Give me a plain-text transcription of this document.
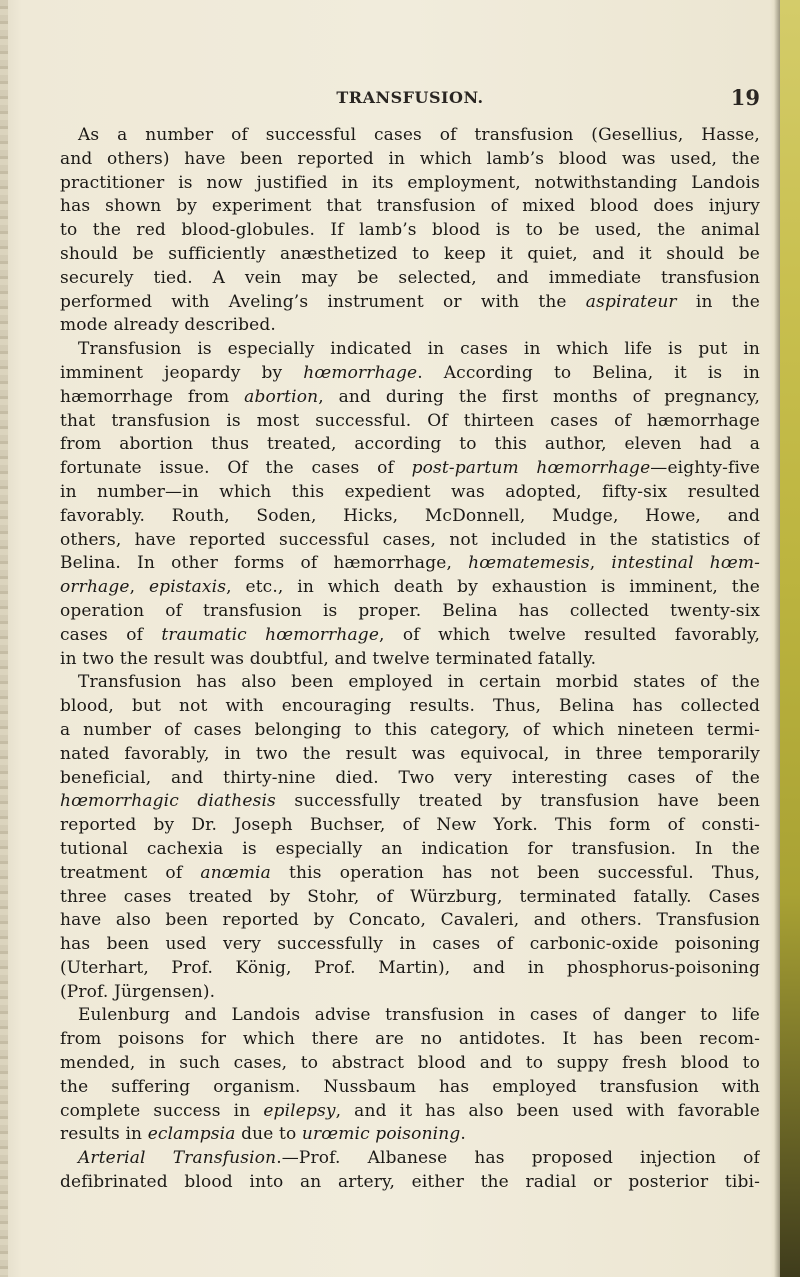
TRANSFUSION.	19
As a number of successful cases of transfusion (Gesellius, Hasse,
and others) have been reported in which lamb’s blood was used, the
practitioner is now justified in its employment, notwithstanding Landois
has shown by experiment that transfusion of mixed blood does injury
to the red blood-globules. If lamb’s blood is to be used, the animal
should be sufficiently anæsthetized to keep it quiet, and it should be
securely tied. A vein may be selected, and immediate transfusion
performed with Aveling’s instrument or with the aspirateur in the
mode already described.
Transfusion is especially indicated in cases in which life is put in
imminent jeopardy by hœmorrhage. According to Belina, it is in
hæmorrhage from abortion, and during the first months of pregnancy,
that transfusion is most successful. Of thirteen cases of hæmorrhage
from abortion thus treated, according to this author, eleven had a
fortunate issue. Of the cases of post-partum hœmorrhage—eighty-five
in number—in which this expedient was adopted, fifty-six resulted
favorably. Routh, Soden, Hicks, McDonnell, Mudge, Howe, and
others, have reported successful cases, not included in the statistics of
Belina. In other forms of hæmorrhage, hœmatemesis, intestinal hœm-
orrhage, epistaxis, etc., in which death by exhaustion is imminent, the
operation of transfusion is proper. Belina has collected twenty-six
cases of traumatic hœmorrhage, of which twelve resulted favorably,
in two the result was doubtful, and twelve terminated fatally.
Transfusion has also been employed in certain morbid states of the
blood, but not with encouraging results. Thus, Belina has collected
a number of cases belonging to this category, of which nineteen termi-
nated favorably, in two the result was equivocal, in three temporarily
beneficial, and thirty-nine died. Two very interesting cases of the
hœmorrhagic diathesis successfully treated by transfusion have been
reported by Dr. Joseph Buchser, of New York. This form of consti-
tutional cachexia is especially an indication for transfusion. In the
treatment of anœmia this operation has not been successful. Thus,
three cases treated by Stohr, of Würzburg, terminated fatally. Cases
have also been reported by Concato, Cavaleri, and others. Transfusion
has been used very successfully in cases of carbonic-oxide poisoning
(Uterhart, Prof. König, Prof. Martin), and in phosphorus-poisoning
(Prof. Jürgensen).
Eulenburg and Landois advise transfusion in cases of danger to life
from poisons for which there are no antidotes. It has been recom-
mended, in such cases, to abstract blood and to suppy fresh blood to
the suffering organism. Nussbaum has employed transfusion with
complete success in epilepsy, and it has also been used with favorable
results in eclampsia due to urœmic poisoning.
Arterial Transfusion.—Prof. Albanese has proposed injection of
defibrinated blood into an artery, either the radial or posterior tibi-
